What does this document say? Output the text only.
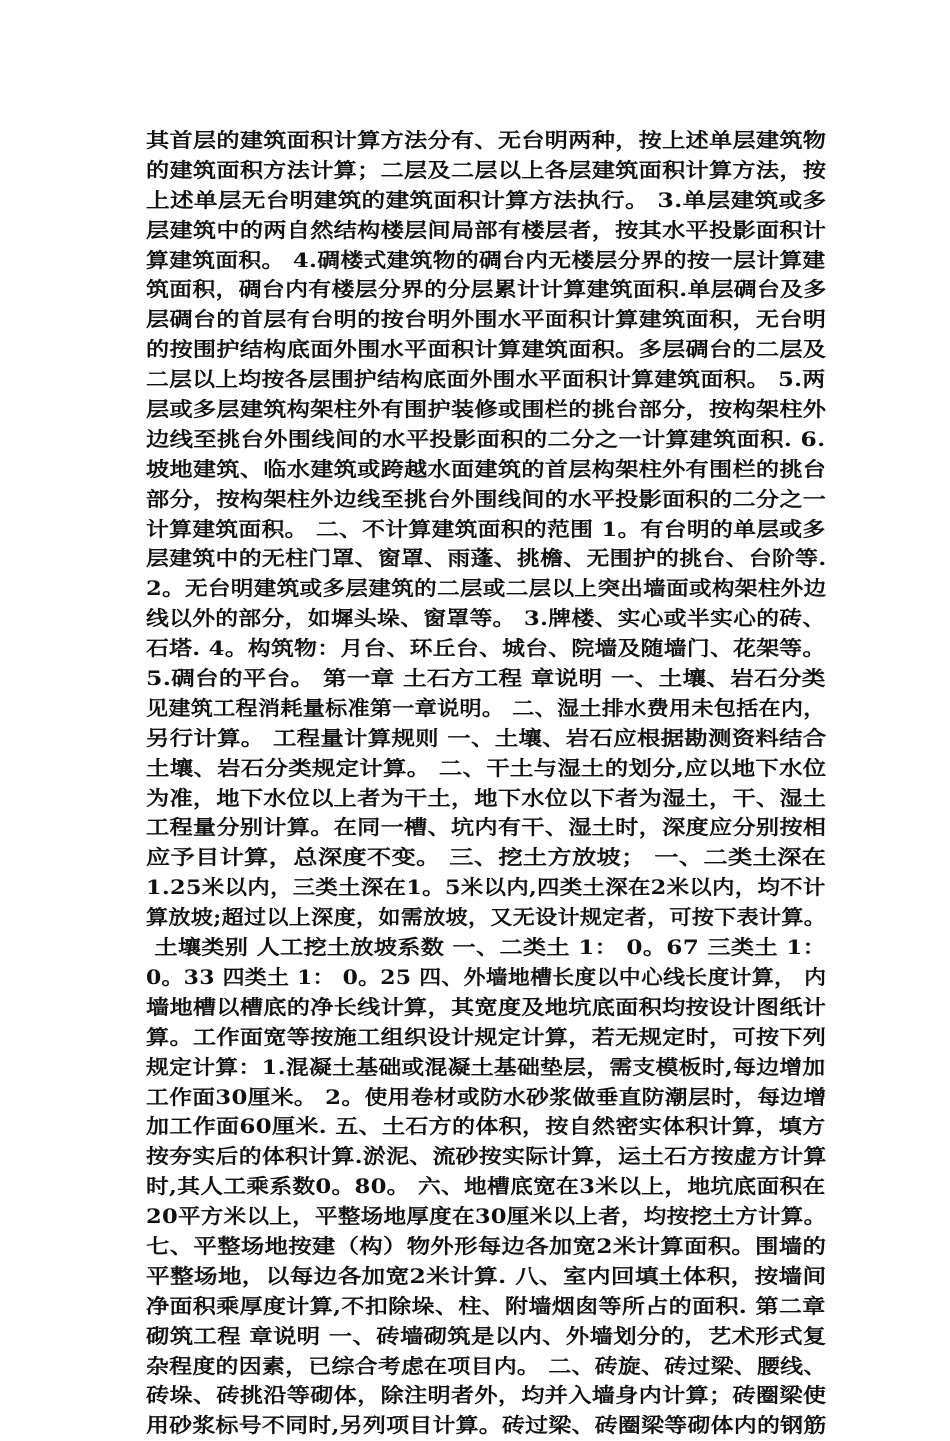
其首层的建筑面积计算方法分有、无台明两种，按上述单层建筑物
的建筑面积方法计算；二层及二层以上各层建筑面积计算方法，按
上述单层无台明建筑的建筑面积计算方法执行。 3.单层建筑或多
层建筑中的两自然结构楼层间局部有楼层者，按其水平投影面积计
算建筑面积。 4.碉楼式建筑物的碉台内无楼层分界的按一层计算建
筑面积，碉台内有楼层分界的分层累计计算建筑面积.单层碉台及多
层碉台的首层有台明的按台明外围水平面积计算建筑面积，无台明
的按围护结构底面外围水平面积计算建筑面积。多层碉台的二层及
二层以上均按各层围护结构底面外围水平面积计算建筑面积。 5.两
层或多层建筑构架柱外有围护装修或围栏的挑台部分，按构架柱外
边线至挑台外围线间的水平投影面积的二分之一计算建筑面积. 6.
坡地建筑、临水建筑或跨越水面建筑的首层构架柱外有围栏的挑台
部分，按构架柱外边线至挑台外围线间的水平投影面积的二分之一
计算建筑面积。 二、不计算建筑面积的范围 1。有台明的单层或多
层建筑中的无柱门罩、窗罩、雨蓬、挑檐、无围护的挑台、台阶等.
2。无台明建筑或多层建筑的二层或二层以上突出墙面或构架柱外边
线以外的部分，如墀头垛、窗罩等。 3.牌楼、实心或半实心的砖、
石塔. 4。构筑物：月台、环丘台、城台、院墙及随墙门、花架等。
5.碉台的平台。 第一章 土石方工程 章说明 一、土壤、岩石分类
见建筑工程消耗量标准第一章说明。 二、湿土排水费用未包括在内，
另行计算。 工程量计算规则 一、土壤、岩石应根据勘测资料结合
土壤、岩石分类规定计算。 二、干土与湿土的划分,应以地下水位
为准，地下水位以上者为干土，地下水位以下者为湿土，干、湿土
工程量分别计算。在同一槽、坑内有干、湿土时，深度应分别按相
应予目计算，总深度不变。 三、挖土方放坡； 一、二类土深在
1.25米以内，三类土深在1。5米以内,四类土深在2米以内，均不计
算放坡;超过以上深度，如需放坡，又无设计规定者，可按下表计算。
土壤类别 人工挖土放坡系数 一、二类土 1： 0。67 三类土 1：
0。33 四类土 1： 0。25 四、外墙地槽长度以中心线长度计算， 内
墙地槽以槽底的净长线计算，其宽度及地坑底面积均按设计图纸计
算。工作面宽等按施工组织设计规定计算，若无规定时，可按下列
规定计算：1.混凝土基础或混凝土基础垫层，需支模板时,每边增加
工作面30厘米。 2。使用卷材或防水砂浆做垂直防潮层时，每边增
加工作面60厘米. 五、土石方的体积，按自然密实体积计算，填方
按夯实后的体积计算.淤泥、流砂按实际计算，运土石方按虚方计算
时,其人工乘系数0。80。 六、地槽底宽在3米以上，地坑底面积在
20平方米以上，平整场地厚度在30厘米以上者，均按挖土方计算。
七、平整场地按建（构）物外形每边各加宽2米计算面积。围墙的
平整场地，以每边各加宽2米计算. 八、室内回填土体积，按墙间
净面积乘厚度计算,不扣除垛、柱、附墙烟囱等所占的面积. 第二章
砌筑工程 章说明 一、砖墙砌筑是以内、外墙划分的，艺术形式复
杂程度的因素，已综合考虑在项目内。 二、砖旋、砖过梁、腰线、
砖垛、砖挑沿等砌体，除注明者外，均并入墙身内计算；砖圈梁使
用砂浆标号不同时,另列项目计算。砖过梁、砖圈梁等砌体内的钢筋
